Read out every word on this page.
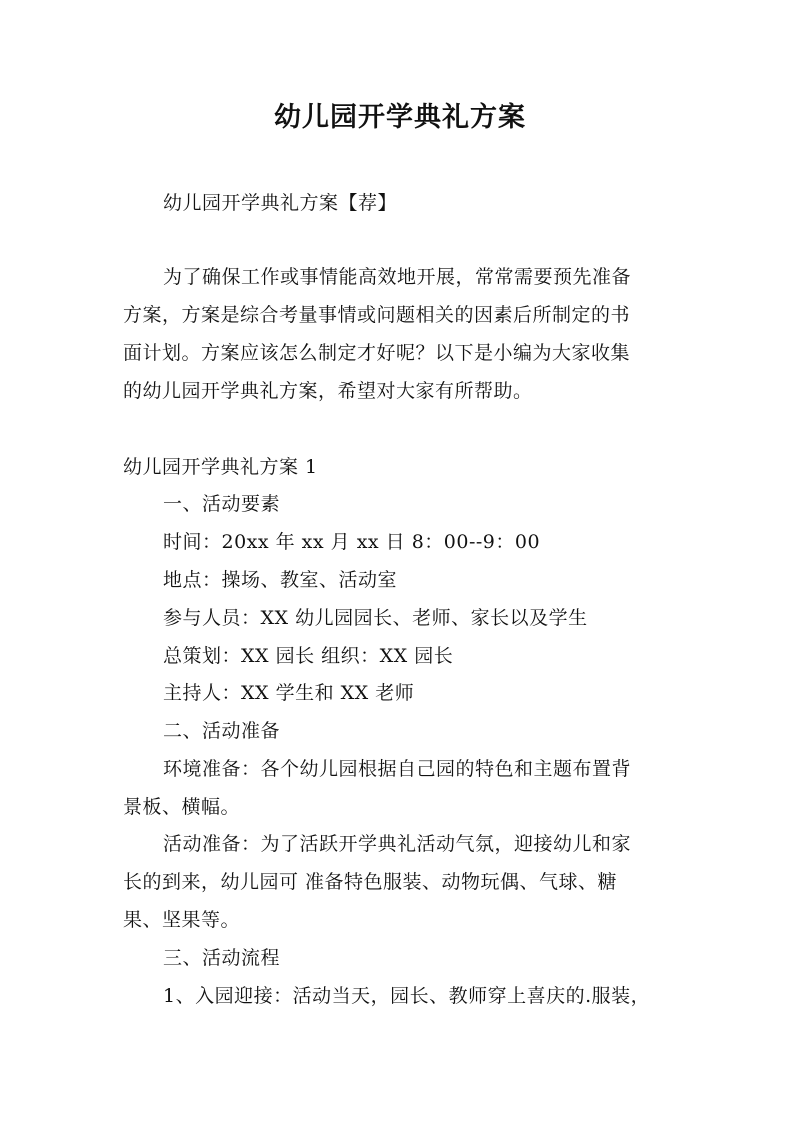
幼儿园开学典礼方案

幼儿园开学典礼方案【荐】

为了确保工作或事情能高效地开展，常常需要预先准备

方案，方案是综合考量事情或问题相关的因素后所制定的书

面计划。方案应该怎么制定才好呢？以下是小编为大家收集

的幼儿园开学典礼方案，希望对大家有所帮助。

幼儿园开学典礼方案 1

一、活动要素

时间：20xx 年 xx 月 xx 日 8：00--9：00

地点：操场、教室、活动室

参与人员：XX 幼儿园园长、老师、家长以及学生

总策划：XX 园长 组织：XX 园长

主持人：XX 学生和 XX 老师

二、活动准备

环境准备：各个幼儿园根据自己园的特色和主题布置背

景板、横幅。

活动准备：为了活跃开学典礼活动气氛，迎接幼儿和家

长的到来，幼儿园可 准备特色服装、动物玩偶、气球、糖

果、坚果等。

三、活动流程

1、入园迎接：活动当天，园长、教师穿上喜庆的.服装，
